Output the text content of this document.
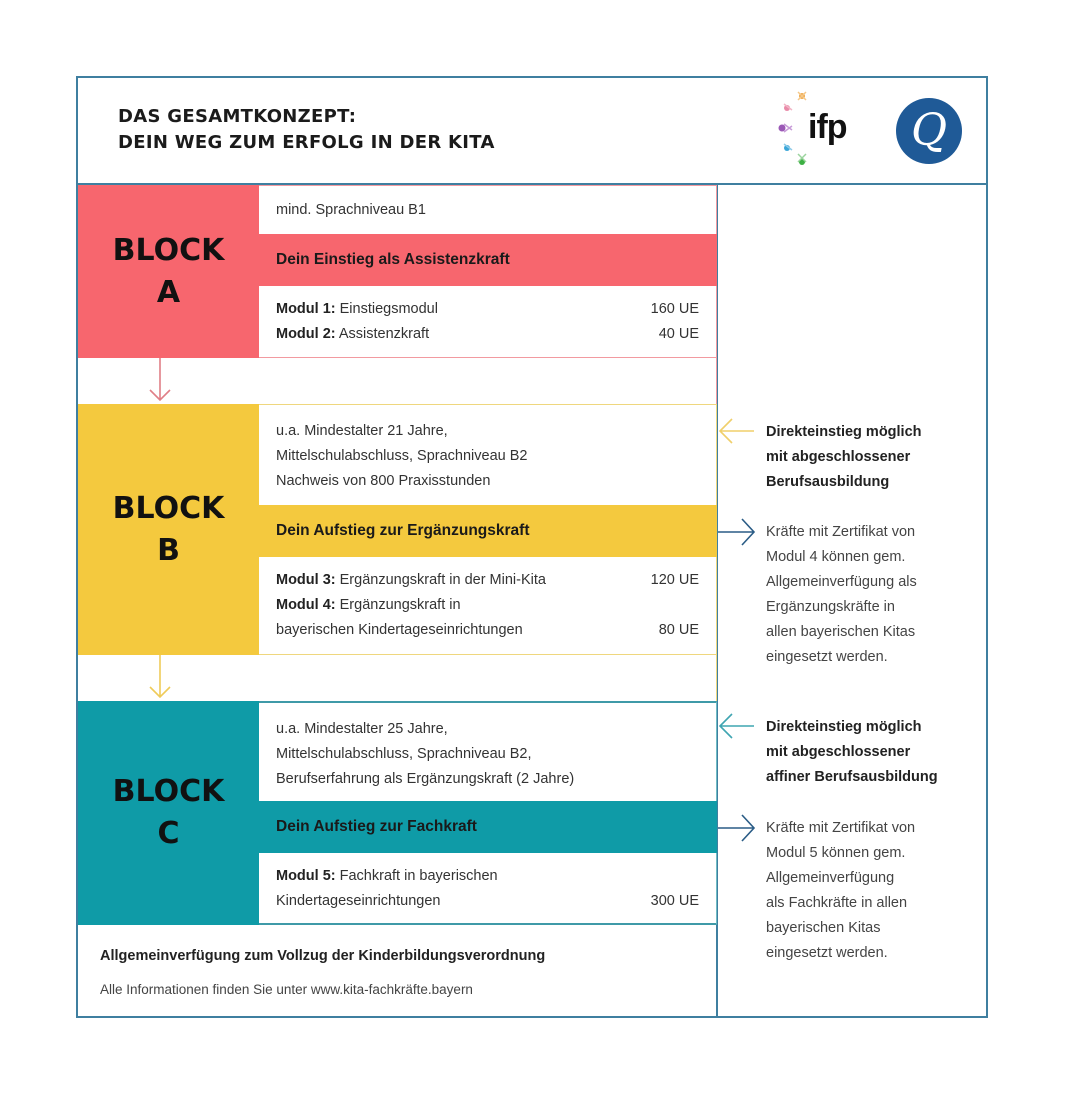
DAS GESAMTKONZEPT:
DEIN WEG ZUM ERFOLG IN DER KITA	ifp	Q
BLOCK
A
mind. Sprachniveau B1
Dein Einstieg als Assistenzkraft
Modul 1: Einstiegsmodul	160 UE
Modul 2: Assistenzkraft	40 UE
BLOCK
B
u.a. Mindestalter 21 Jahre,
Mittelschulabschluss, Sprachniveau B2
Nachweis von 800 Praxisstunden
Dein Aufstieg zur Ergänzungskraft
Modul 3: Ergänzungskraft in der Mini-Kita	120 UE
Modul 4: Ergänzungskraft in
bayerischen Kindertageseinrichtungen	80 UE
Direkteinstieg möglich
mit abgeschlossener
Berufsausbildung
Kräfte mit Zertifikat von
Modul 4 können gem.
Allgemeinverfügung als
Ergänzungskräfte in
allen bayerischen Kitas
eingesetzt werden.
BLOCK
C
u.a. Mindestalter 25 Jahre,
Mittelschulabschluss, Sprachniveau B2,
Berufserfahrung als Ergänzungskraft (2 Jahre)
Dein Aufstieg zur Fachkraft
Modul 5: Fachkraft in bayerischen
Kindertageseinrichtungen	300 UE
Direkteinstieg möglich
mit abgeschlossener
affiner Berufsausbildung
Kräfte mit Zertifikat von
Modul 5 können gem.
Allgemeinverfügung
als Fachkräfte in allen
bayerischen Kitas
eingesetzt werden.
Allgemeinverfügung zum Vollzug der Kinderbildungsverordnung
Alle Informationen finden Sie unter www.kita-fachkräfte.bayern
